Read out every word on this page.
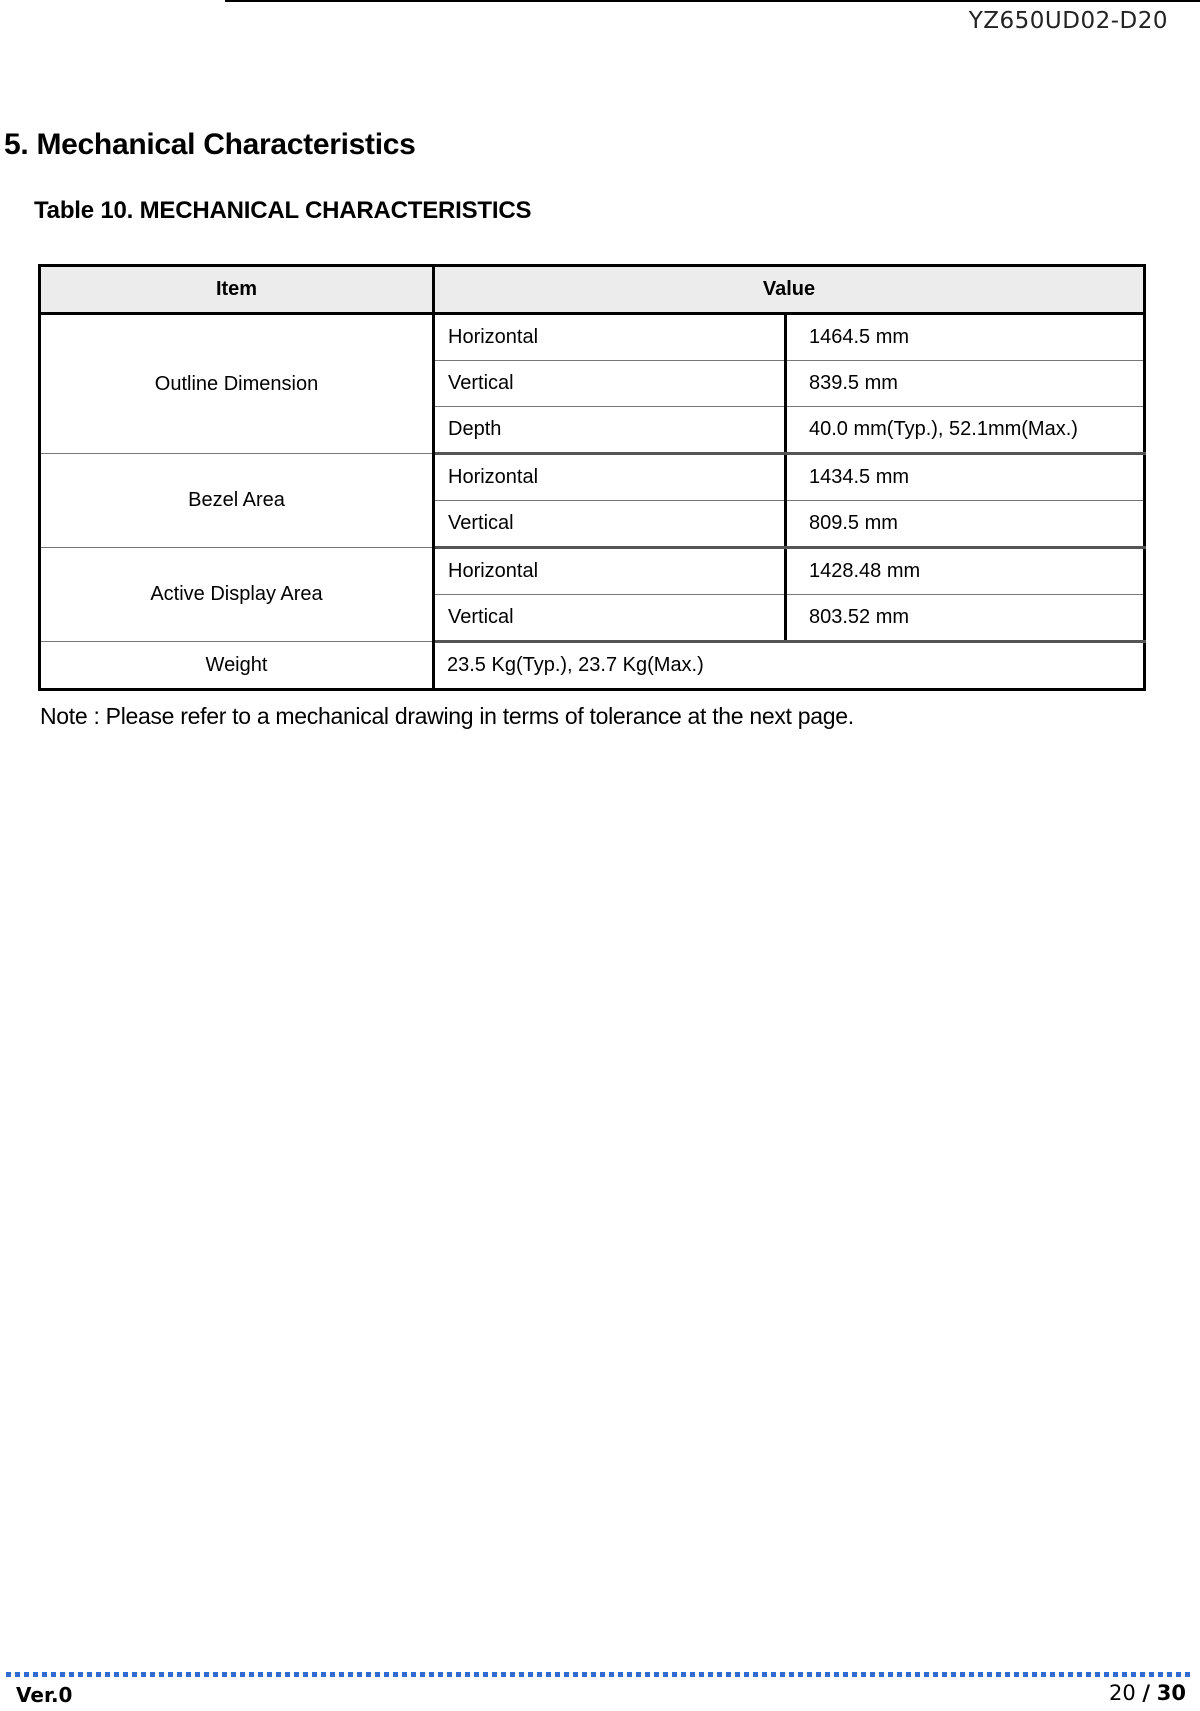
YZ650UD02-D20
5. Mechanical Characteristics
Table 10. MECHANICAL CHARACTERISTICS
Item	Value	
Outline Dimension	Horizontal	1464.5 mm
	Vertical	839.5 mm
	Depth	40.0 mm(Typ.), 52.1mm(Max.)
Bezel Area	Horizontal	1434.5 mm
	Vertical	809.5 mm
Active Display Area	Horizontal	1428.48 mm
	Vertical	803.52 mm
Weight	23.5 Kg(Typ.), 23.7 Kg(Max.)	
Note : Please refer to a mechanical drawing in terms of tolerance at the next page.
Ver.0	20 / 30
